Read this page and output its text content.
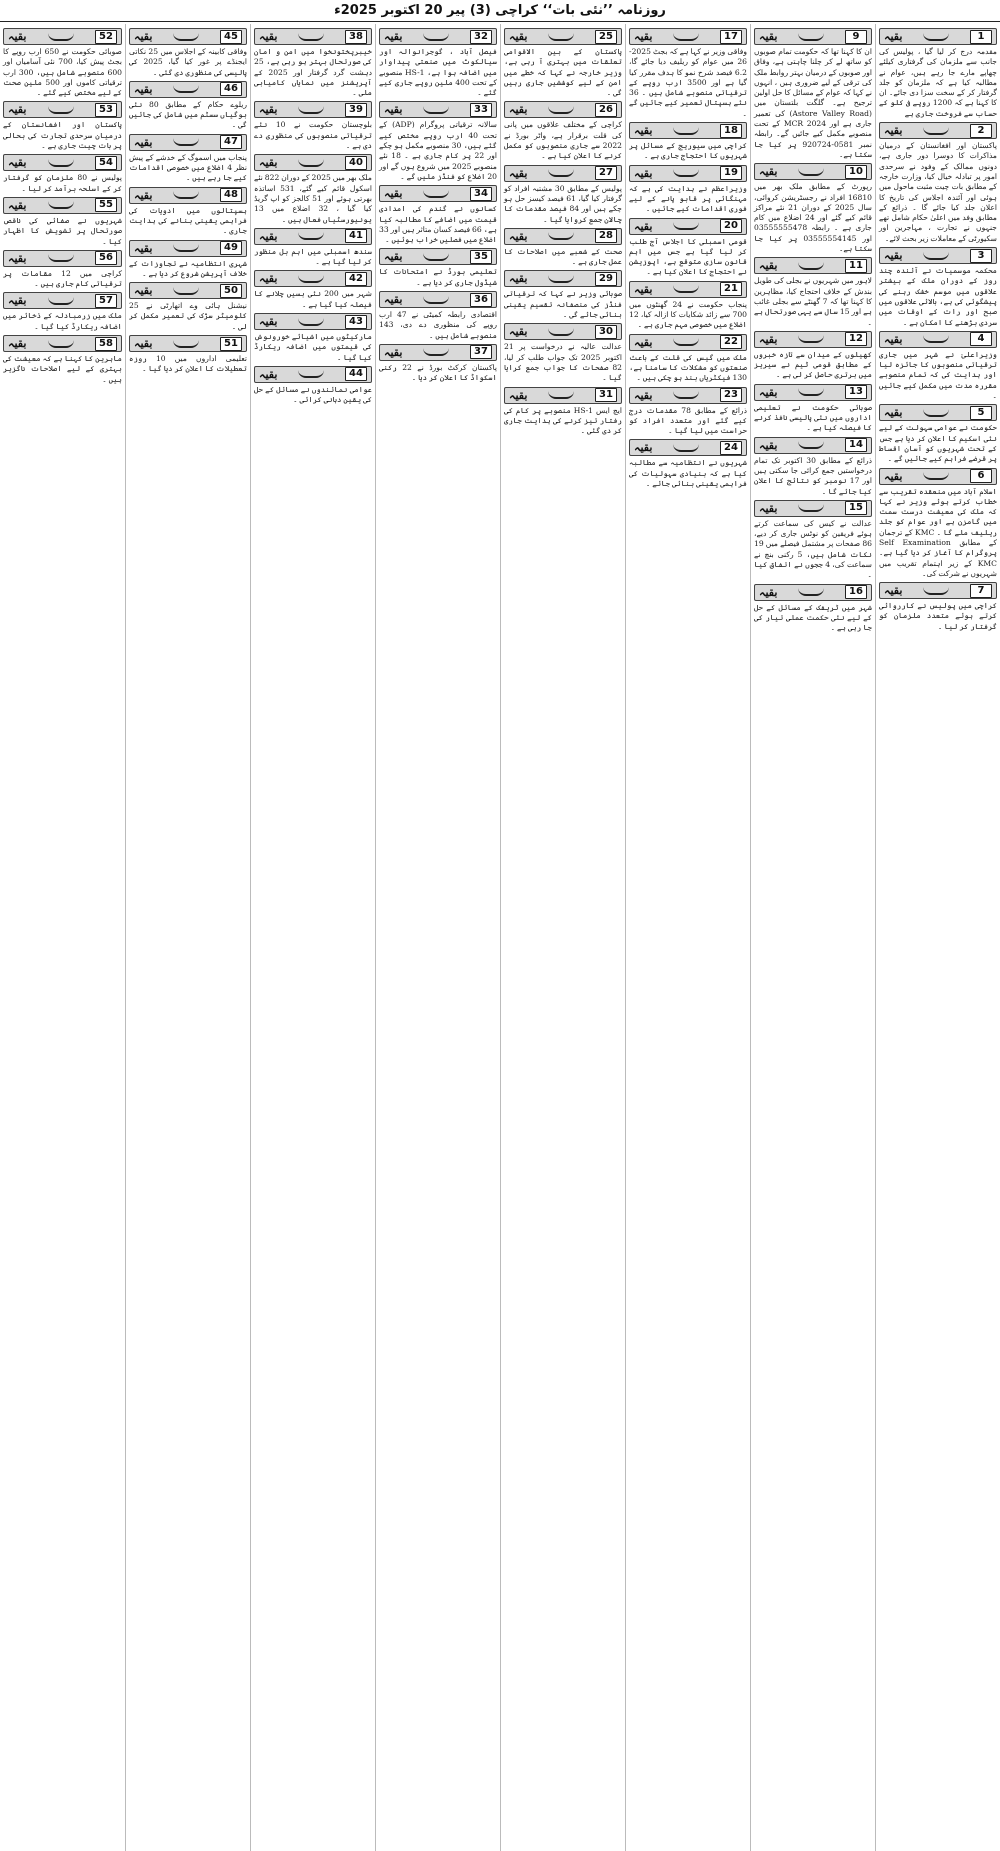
روزنامہ ’’نئی بات‘‘ کراچی (3) پیر 20 اکتوبر 2025ء
1
بقیہ
مقدمہ درج کر لیا گیا ، پولیس کی جانب سے ملزمان کی گرفتاری کیلئے چھاپے مارے جا رہے ہیں، عوام نے مطالبہ کیا ہے کہ ملزمان کو جلد گرفتار کر کے سخت سزا دی جائے۔ ان کا کہنا ہے کہ 1200 روپے فی کلو کے حساب سے فروخت جاری ہے
2
بقیہ
پاکستان اور افغانستان کے درمیان مذاکرات کا دوسرا دور جاری ہے، دونوں ممالک کے وفود نے سرحدی امور پر تبادلہ خیال کیا، وزارت خارجہ کے مطابق بات چیت مثبت ماحول میں ہوئی اور آئندہ اجلاس کی تاریخ کا اعلان جلد کیا جائے گا ۔ ذرائع کے مطابق وفد میں اعلیٰ حکام شامل تھے جنہوں نے تجارت ، مہاجرین اور سکیورٹی کے معاملات زیر بحث لائے۔
3
بقیہ
محکمہ موسمیات نے آئندہ چند روز کے دوران ملک کے بیشتر علاقوں میں موسم خشک رہنے کی پیشگوئی کی ہے، بالائی علاقوں میں صبح اور رات کے اوقات میں سردی بڑھنے کا امکان ہے ۔
4
بقیہ
وزیراعلیٰ نے شہر میں جاری ترقیاتی منصوبوں کا جائزہ لیا اور ہدایت کی کہ تمام منصوبے مقررہ مدت میں مکمل کیے جائیں ۔
5
بقیہ
حکومت نے عوامی سہولت کے لیے نئی اسکیم کا اعلان کر دیا ہے جس کے تحت شہریوں کو آسان اقساط پر قرضے فراہم کیے جائیں گے ۔
6
بقیہ
اسلام آباد میں منعقدہ تقریب سے خطاب کرتے ہوئے وزیر نے کہا کہ ملک کی معیشت درست سمت میں گامزن ہے اور عوام کو جلد ریلیف ملے گا ۔ KMC کے ترجمان کے مطابق Self Examination پروگرام کا آغاز کر دیا گیا ہے۔ KMC کے زیر اہتمام تقریب میں شہریوں نے شرکت کی۔
7
بقیہ
کراچی میں پولیس نے کارروائی کرتے ہوئے متعدد ملزمان کو گرفتار کر لیا ۔
9
بقیہ
ان کا کہنا تھا کہ حکومت تمام صوبوں کو ساتھ لے کر چلنا چاہتی ہے، وفاق اور صوبوں کے درمیان بہتر روابط ملک کی ترقی کے لیے ضروری ہیں ، انہوں نے کہا کہ عوام کے مسائل کا حل اولین ترجیح ہے۔ گلگت بلتستان میں (Astore Valley Road) کی تعمیر جاری ہے اور MCR 2024 کے تحت منصوبے مکمل کیے جائیں گے۔ رابطہ نمبر 0581-920724 پر کیا جا سکتا ہے۔
10
بقیہ
رپورٹ کے مطابق ملک بھر میں 16810 افراد نے رجسٹریشن کروائی، سال 2025 کے دوران 21 نئے مراکز قائم کیے گئے اور 24 اضلاع میں کام جاری ہے ۔ رابطہ 03555555478 اور 03555554145 پر کیا جا سکتا ہے۔
11
بقیہ
لاہور میں شہریوں نے بجلی کی طویل بندش کے خلاف احتجاج کیا، مظاہرین کا کہنا تھا کہ 7 گھنٹے سے بجلی غائب ہے اور 15 سال سے یہی صورتحال ہے ۔
12
بقیہ
کھیلوں کے میدان سے تازہ خبروں کے مطابق قومی ٹیم نے سیریز میں برتری حاصل کر لی ہے ۔
13
بقیہ
صوبائی حکومت نے تعلیمی اداروں میں نئی پالیسی نافذ کرنے کا فیصلہ کیا ہے ۔
14
بقیہ
ذرائع کے مطابق 30 اکتوبر تک تمام درخواستیں جمع کرائی جا سکتی ہیں اور 17 نومبر کو نتائج کا اعلان کیا جائے گا ۔
15
بقیہ
عدالت نے کیس کی سماعت کرتے ہوئے فریقین کو نوٹس جاری کر دیے، 86 صفحات پر مشتمل فیصلے میں 19 نکات شامل ہیں، 5 رکنی بنچ نے سماعت کی، 4 ججوں نے اتفاق کیا ۔
16
بقیہ
شہر میں ٹریفک کے مسائل کے حل کے لیے نئی حکمت عملی تیار کی جا رہی ہے ۔
17
بقیہ
وفاقی وزیر نے کہا ہے کہ بجٹ 2025-26 میں عوام کو ریلیف دیا جائے گا، 6.2 فیصد شرح نمو کا ہدف مقرر کیا گیا ہے اور 3500 ارب روپے کے ترقیاتی منصوبے شامل ہیں ۔ 36 نئے ہسپتال تعمیر کیے جائیں گے ۔
18
بقیہ
کراچی میں سیوریج کے مسائل پر شہریوں کا احتجاج جاری ہے ۔
19
بقیہ
وزیراعظم نے ہدایت کی ہے کہ مہنگائی پر قابو پانے کے لیے فوری اقدامات کیے جائیں ۔
20
بقیہ
قومی اسمبلی کا اجلاس آج طلب کر لیا گیا ہے جس میں اہم قانون سازی متوقع ہے، اپوزیشن نے احتجاج کا اعلان کیا ہے ۔
21
بقیہ
پنجاب حکومت نے 24 گھنٹوں میں 700 سے زائد شکایات کا ازالہ کیا، 12 اضلاع میں خصوصی مہم جاری ہے ۔
22
بقیہ
ملک میں گیس کی قلت کے باعث صنعتوں کو مشکلات کا سامنا ہے، 130 فیکٹریاں بند ہو چکی ہیں ۔
23
بقیہ
ذرائع کے مطابق 78 مقدمات درج کیے گئے اور متعدد افراد کو حراست میں لیا گیا ۔
24
بقیہ
شہریوں نے انتظامیہ سے مطالبہ کیا ہے کہ بنیادی سہولیات کی فراہمی یقینی بنائی جائے ۔
25
بقیہ
پاکستان کے بین الاقوامی تعلقات میں بہتری آ رہی ہے، وزیر خارجہ نے کہا کہ خطے میں امن کے لیے کوششیں جاری رہیں گی ۔
26
بقیہ
کراچی کے مختلف علاقوں میں پانی کی قلت برقرار ہے، واٹر بورڈ نے 2022 سے جاری منصوبوں کو مکمل کرنے کا اعلان کیا ہے ۔
27
بقیہ
پولیس کے مطابق 30 مشتبہ افراد کو گرفتار کیا گیا، 61 فیصد کیسز حل ہو چکے ہیں اور 84 فیصد مقدمات کا چالان جمع کروایا گیا ۔
28
بقیہ
صحت کے شعبے میں اصلاحات کا عمل جاری ہے ۔
29
بقیہ
صوبائی وزیر نے کہا کہ ترقیاتی فنڈز کی منصفانہ تقسیم یقینی بنائی جائے گی ۔
30
بقیہ
عدالت عالیہ نے درخواست پر 21 اکتوبر 2025 تک جواب طلب کر لیا، 82 صفحات کا جواب جمع کرایا گیا ۔
31
بقیہ
ایچ ایس 1-HS منصوبے پر کام کی رفتار تیز کرنے کی ہدایت جاری کر دی گئی ۔
32
بقیہ
فیصل آباد ، گوجرانوالہ اور سیالکوٹ میں صنعتی پیداوار میں اضافہ ہوا ہے، HS-1 منصوبے کے تحت 400 ملین روپے جاری کیے گئے ۔
33
بقیہ
سالانہ ترقیاتی پروگرام (ADP) کے تحت 40 ارب روپے مختص کیے گئے ہیں، 30 منصوبے مکمل ہو چکے اور 22 پر کام جاری ہے ۔ 18 نئے منصوبے 2025 میں شروع ہوں گے اور 20 اضلاع کو فنڈز ملیں گے ۔
34
بقیہ
کسانوں نے گندم کی امدادی قیمت میں اضافے کا مطالبہ کیا ہے، 66 فیصد کسان متاثر ہیں اور 33 اضلاع میں فصلیں خراب ہوئیں ۔
35
بقیہ
تعلیمی بورڈ نے امتحانات کا شیڈول جاری کر دیا ہے ۔
36
بقیہ
اقتصادی رابطہ کمیٹی نے 47 ارب روپے کی منظوری دے دی، 143 منصوبے شامل ہیں ۔
37
بقیہ
پاکستان کرکٹ بورڈ نے 22 رکنی اسکواڈ کا اعلان کر دیا ۔
38
بقیہ
خیبرپختونخوا میں امن و امان کی صورتحال بہتر ہو رہی ہے، 25 دہشت گرد گرفتار اور 2025 کے آپریشنز میں نمایاں کامیابی ملی ۔
39
بقیہ
بلوچستان حکومت نے 10 نئے ترقیاتی منصوبوں کی منظوری دے دی ہے ۔
40
بقیہ
ملک بھر میں 2025 کے دوران 822 نئے اسکول قائم کیے گئے، 531 اساتذہ بھرتی ہوئے اور 51 کالجز کو اپ گریڈ کیا گیا ، 32 اضلاع میں 13 یونیورسٹیاں فعال ہیں ۔
41
بقیہ
سندھ اسمبلی میں اہم بل منظور کر لیا گیا ہے ۔
42
بقیہ
شہر میں 200 نئی بسیں چلانے کا فیصلہ کیا گیا ہے ۔
43
بقیہ
مارکیٹوں میں اشیائے خورونوش کی قیمتوں میں اضافہ ریکارڈ کیا گیا ۔
44
بقیہ
عوامی نمائندوں نے مسائل کے حل کی یقین دہانی کرائی ۔
45
بقیہ
وفاقی کابینہ کے اجلاس میں 25 نکاتی ایجنڈے پر غور کیا گیا، 2025 کی پالیسی کی منظوری دی گئی ۔
46
بقیہ
ریلوے حکام کے مطابق 80 نئی بوگیاں سسٹم میں شامل کی جائیں گی ۔
47
بقیہ
پنجاب میں اسموگ کے خدشے کے پیش نظر 4 اضلاع میں خصوصی اقدامات کیے جا رہے ہیں ۔
48
بقیہ
ہسپتالوں میں ادویات کی فراہمی یقینی بنانے کی ہدایت جاری ۔
49
بقیہ
شہری انتظامیہ نے تجاوزات کے خلاف آپریشن شروع کر دیا ہے ۔
50
بقیہ
نیشنل ہائی وے اتھارٹی نے 25 کلومیٹر سڑک کی تعمیر مکمل کر لی ۔
51
بقیہ
تعلیمی اداروں میں 10 روزہ تعطیلات کا اعلان کر دیا گیا ۔
52
بقیہ
صوبائی حکومت نے 650 ارب روپے کا بجٹ پیش کیا، 700 نئی آسامیاں اور 600 منصوبے شامل ہیں، 300 ارب ترقیاتی کاموں اور 500 ملین صحت کے لیے مختص کیے گئے ۔
53
بقیہ
پاکستان اور افغانستان کے درمیان سرحدی تجارت کی بحالی پر بات چیت جاری ہے ۔
54
بقیہ
پولیس نے 80 ملزمان کو گرفتار کر کے اسلحہ برآمد کر لیا ۔
55
بقیہ
شہریوں نے صفائی کی ناقص صورتحال پر تشویش کا اظہار کیا ۔
56
بقیہ
کراچی میں 12 مقامات پر ترقیاتی کام جاری ہیں ۔
57
بقیہ
ملک میں زرمبادلہ کے ذخائر میں اضافہ ریکارڈ کیا گیا ۔
58
بقیہ
ماہرین کا کہنا ہے کہ معیشت کی بہتری کے لیے اصلاحات ناگزیر ہیں ۔
